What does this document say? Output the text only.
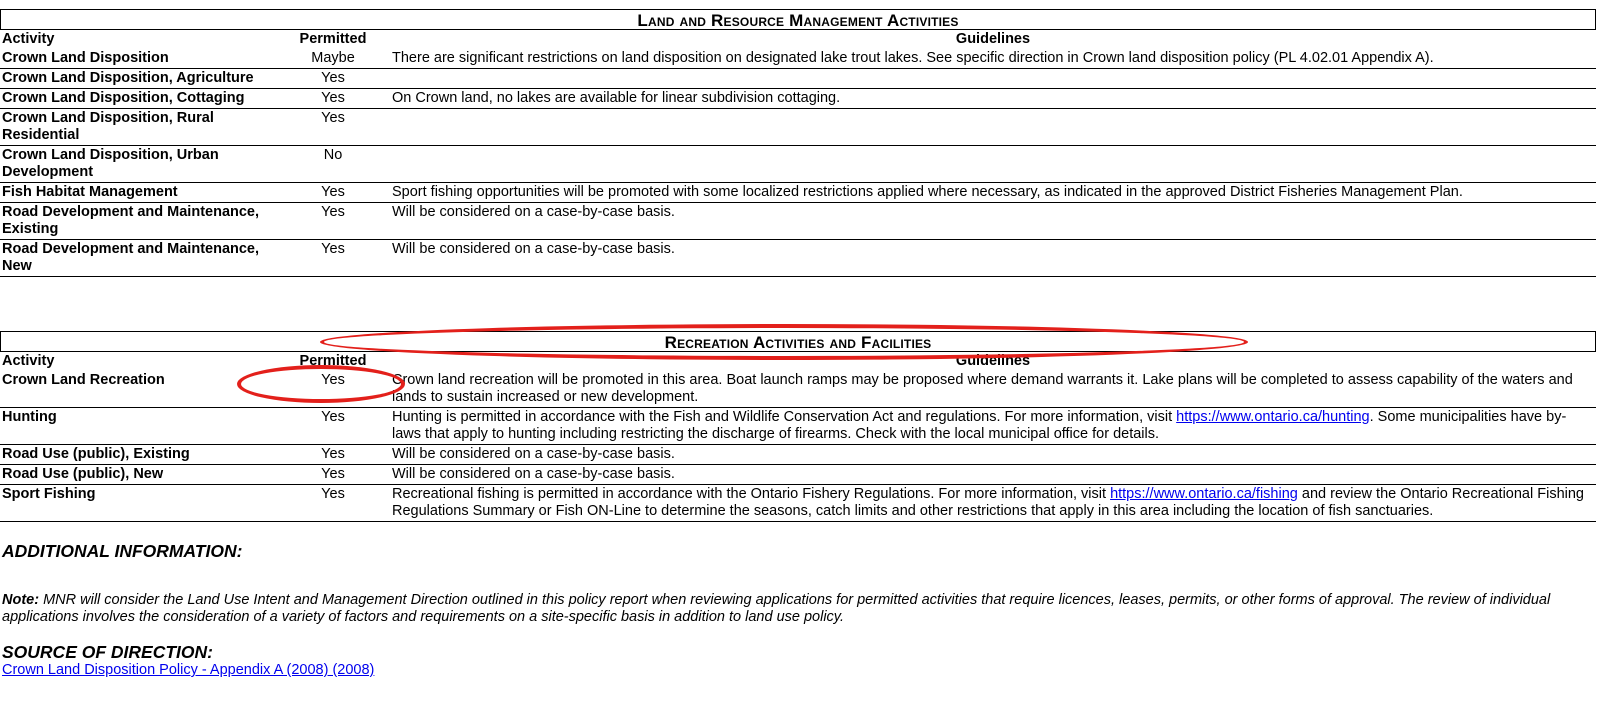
Land and Resource Management Activities
Activity	Permitted	Guidelines
Crown Land Disposition	Maybe	There are significant restrictions on land disposition on designated lake trout lakes. See specific direction in Crown land disposition policy (PL 4.02.01 Appendix A).
Crown Land Disposition, Agriculture	Yes	
Crown Land Disposition, Cottaging	Yes	On Crown land, no lakes are available for linear subdivision cottaging.
Crown Land Disposition, Rural Residential	Yes	
Crown Land Disposition, Urban Development	No	
Fish Habitat Management	Yes	Sport fishing opportunities will be promoted with some localized restrictions applied where necessary, as indicated in the approved District Fisheries Management Plan.
Road Development and Maintenance, Existing	Yes	Will be considered on a case-by-case basis.
Road Development and Maintenance, New	Yes	Will be considered on a case-by-case basis.
Recreation Activities and Facilities
Activity	Permitted	Guidelines
Crown Land Recreation	Yes	Crown land recreation will be promoted in this area. Boat launch ramps may be proposed where demand warrants it. Lake plans will be completed to assess capability of the waters and lands to sustain increased or new development.
Hunting	Yes	Hunting is permitted in accordance with the Fish and Wildlife Conservation Act and regulations. For more information, visit https://www.ontario.ca/hunting. Some municipalities have by-laws that apply to hunting including restricting the discharge of firearms. Check with the local municipal office for details.
Road Use (public), Existing	Yes	Will be considered on a case-by-case basis.
Road Use (public), New	Yes	Will be considered on a case-by-case basis.
Sport Fishing	Yes	Recreational fishing is permitted in accordance with the Ontario Fishery Regulations. For more information, visit https://www.ontario.ca/fishing and review the Ontario Recreational Fishing Regulations Summary or Fish ON-Line to determine the seasons, catch limits and other restrictions that apply in this area including the location of fish sanctuaries.
ADDITIONAL INFORMATION:
Note: MNR will consider the Land Use Intent and Management Direction outlined in this policy report when reviewing applications for permitted activities that require licences, leases, permits, or other forms of approval. The review of individual applications involves the consideration of a variety of factors and requirements on a site-specific basis in addition to land use policy.
SOURCE OF DIRECTION:
Crown Land Disposition Policy - Appendix A (2008) (2008)
